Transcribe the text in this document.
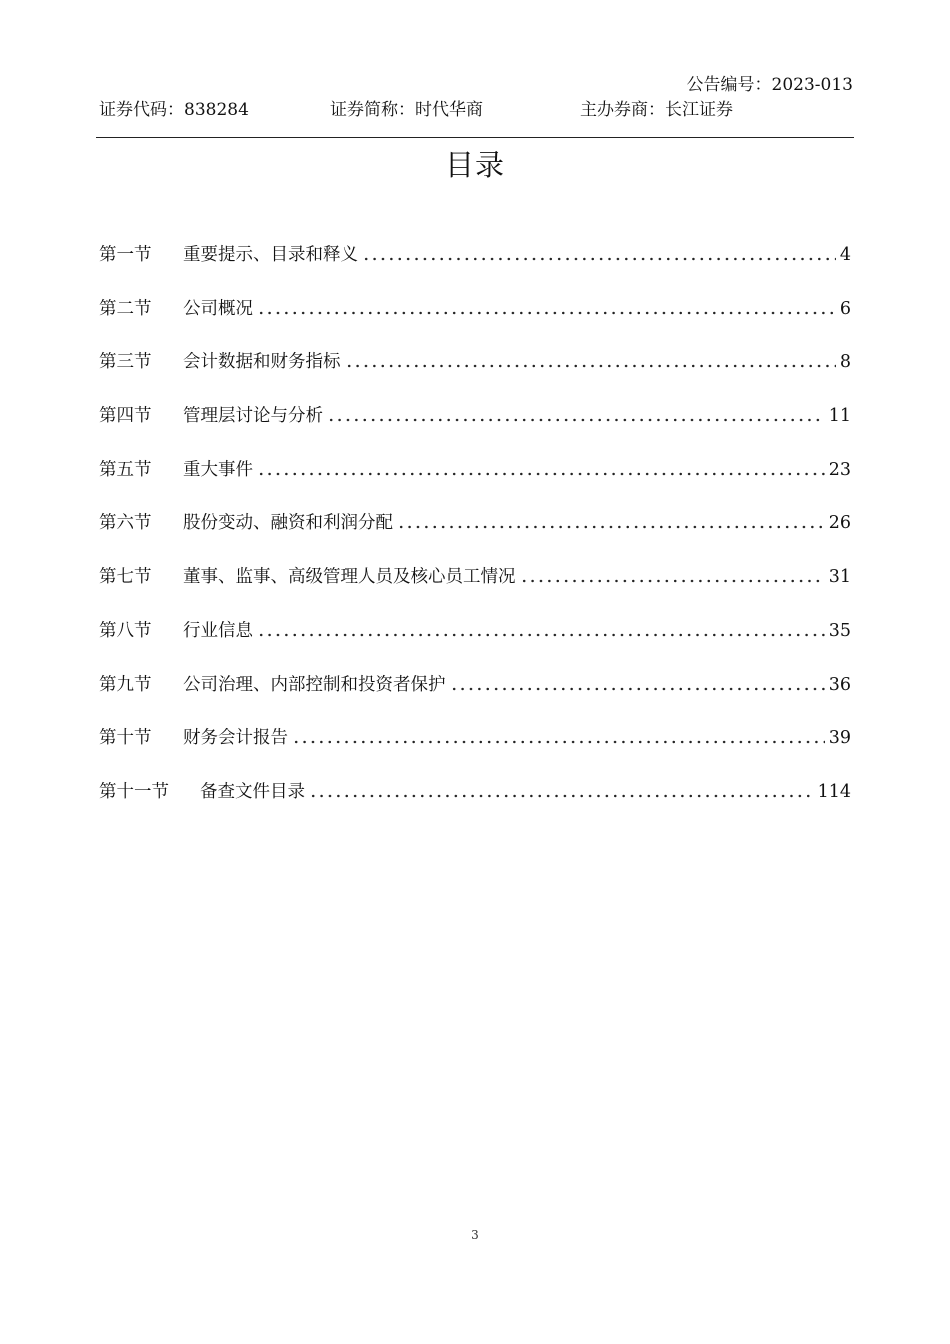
公告编号：2023-013
证券代码：838284	证券简称：时代华商	主办券商：长江证券
目录
第一节	重要提示、目录和释义	4
第二节	公司概况	6
第三节	会计数据和财务指标	8
第四节	管理层讨论与分析	11
第五节	重大事件	23
第六节	股份变动、融资和利润分配	26
第七节	董事、监事、高级管理人员及核心员工情况	31
第八节	行业信息	35
第九节	公司治理、内部控制和投资者保护	36
第十节	财务会计报告	39
第十一节	备查文件目录	114
3
